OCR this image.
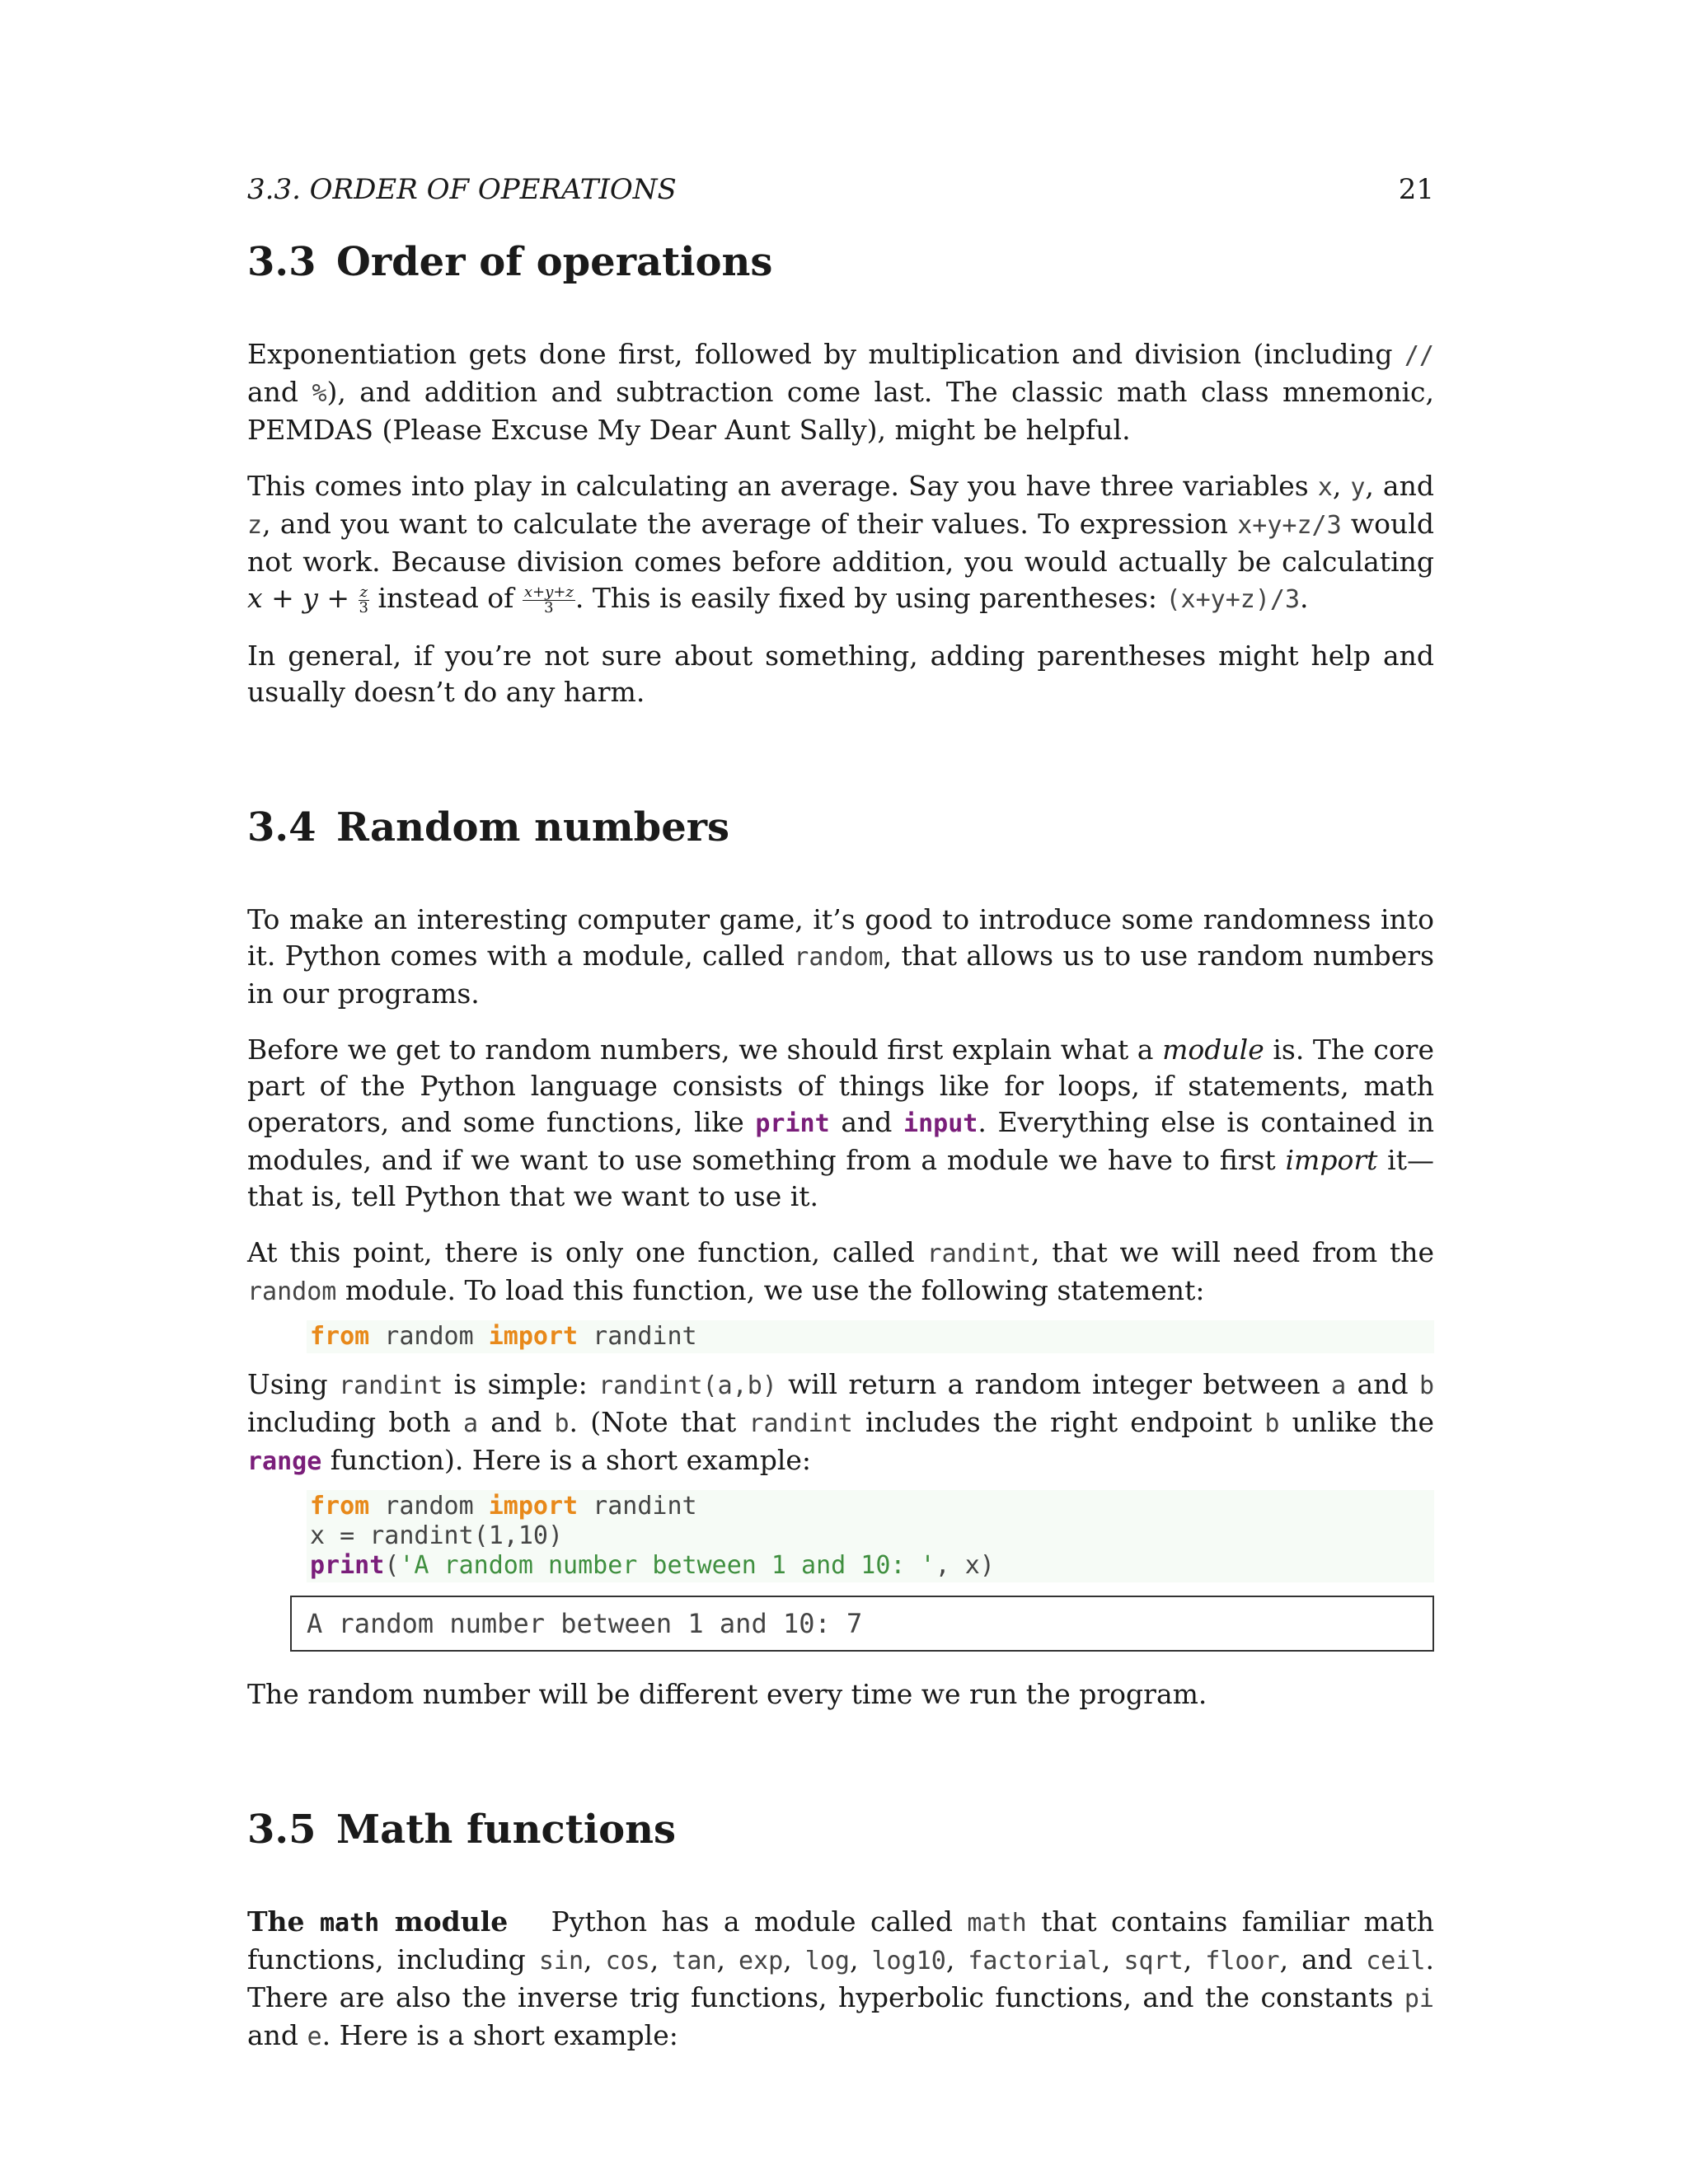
3.3. ORDER OF OPERATIONS	21
3.3 Order of operations

Exponentiation gets done first, followed by multiplication and division (including // and %), and addition and subtraction come last. The classic math class mnemonic, PEMDAS (Please Excuse My Dear Aunt Sally), might be helpful.

This comes into play in calculating an average. Say you have three variables x, y, and z, and you want to calculate the average of their values. To expression x+y+z/3 would not work. Because division comes before addition, you would actually be calculating $x + y + \frac{z}{3}$ instead of $\frac{x+y+z}{3}$ . This is easily fixed by using parentheses: (x+y+z)/3.

In general, if you’re not sure about something, adding parentheses might help and usually doesn’t do any harm.

3.4 Random numbers

To make an interesting computer game, it’s good to introduce some randomness into it. Python comes with a module, called random, that allows us to use random numbers in our programs.

Before we get to random numbers, we should first explain what a module is. The core part of the Python language consists of things like for loops, if statements, math operators, and some functions, like print and input. Everything else is contained in modules, and if we want to use something from a module we have to first import it—that is, tell Python that we want to use it.

At this point, there is only one function, called randint, that we will need from the random module. To load this function, we use the following statement:

from random import randint

Using randint is simple: randint(a,b) will return a random integer between a and b including both a and b. (Note that randint includes the right endpoint b unlike the range function). Here is a short example:

from random import randint
x = randint(1,10)
print('A random number between 1 and 10: ', x)
A random number between 1 and 10: 7

The random number will be different every time we run the program.

3.5 Math functions

The math module Python has a module called math that contains familiar math functions, including sin, cos, tan, exp, log, log10, factorial, sqrt, floor, and ceil. There are also the inverse trig functions, hyperbolic functions, and the constants pi and e. Here is a short example:
